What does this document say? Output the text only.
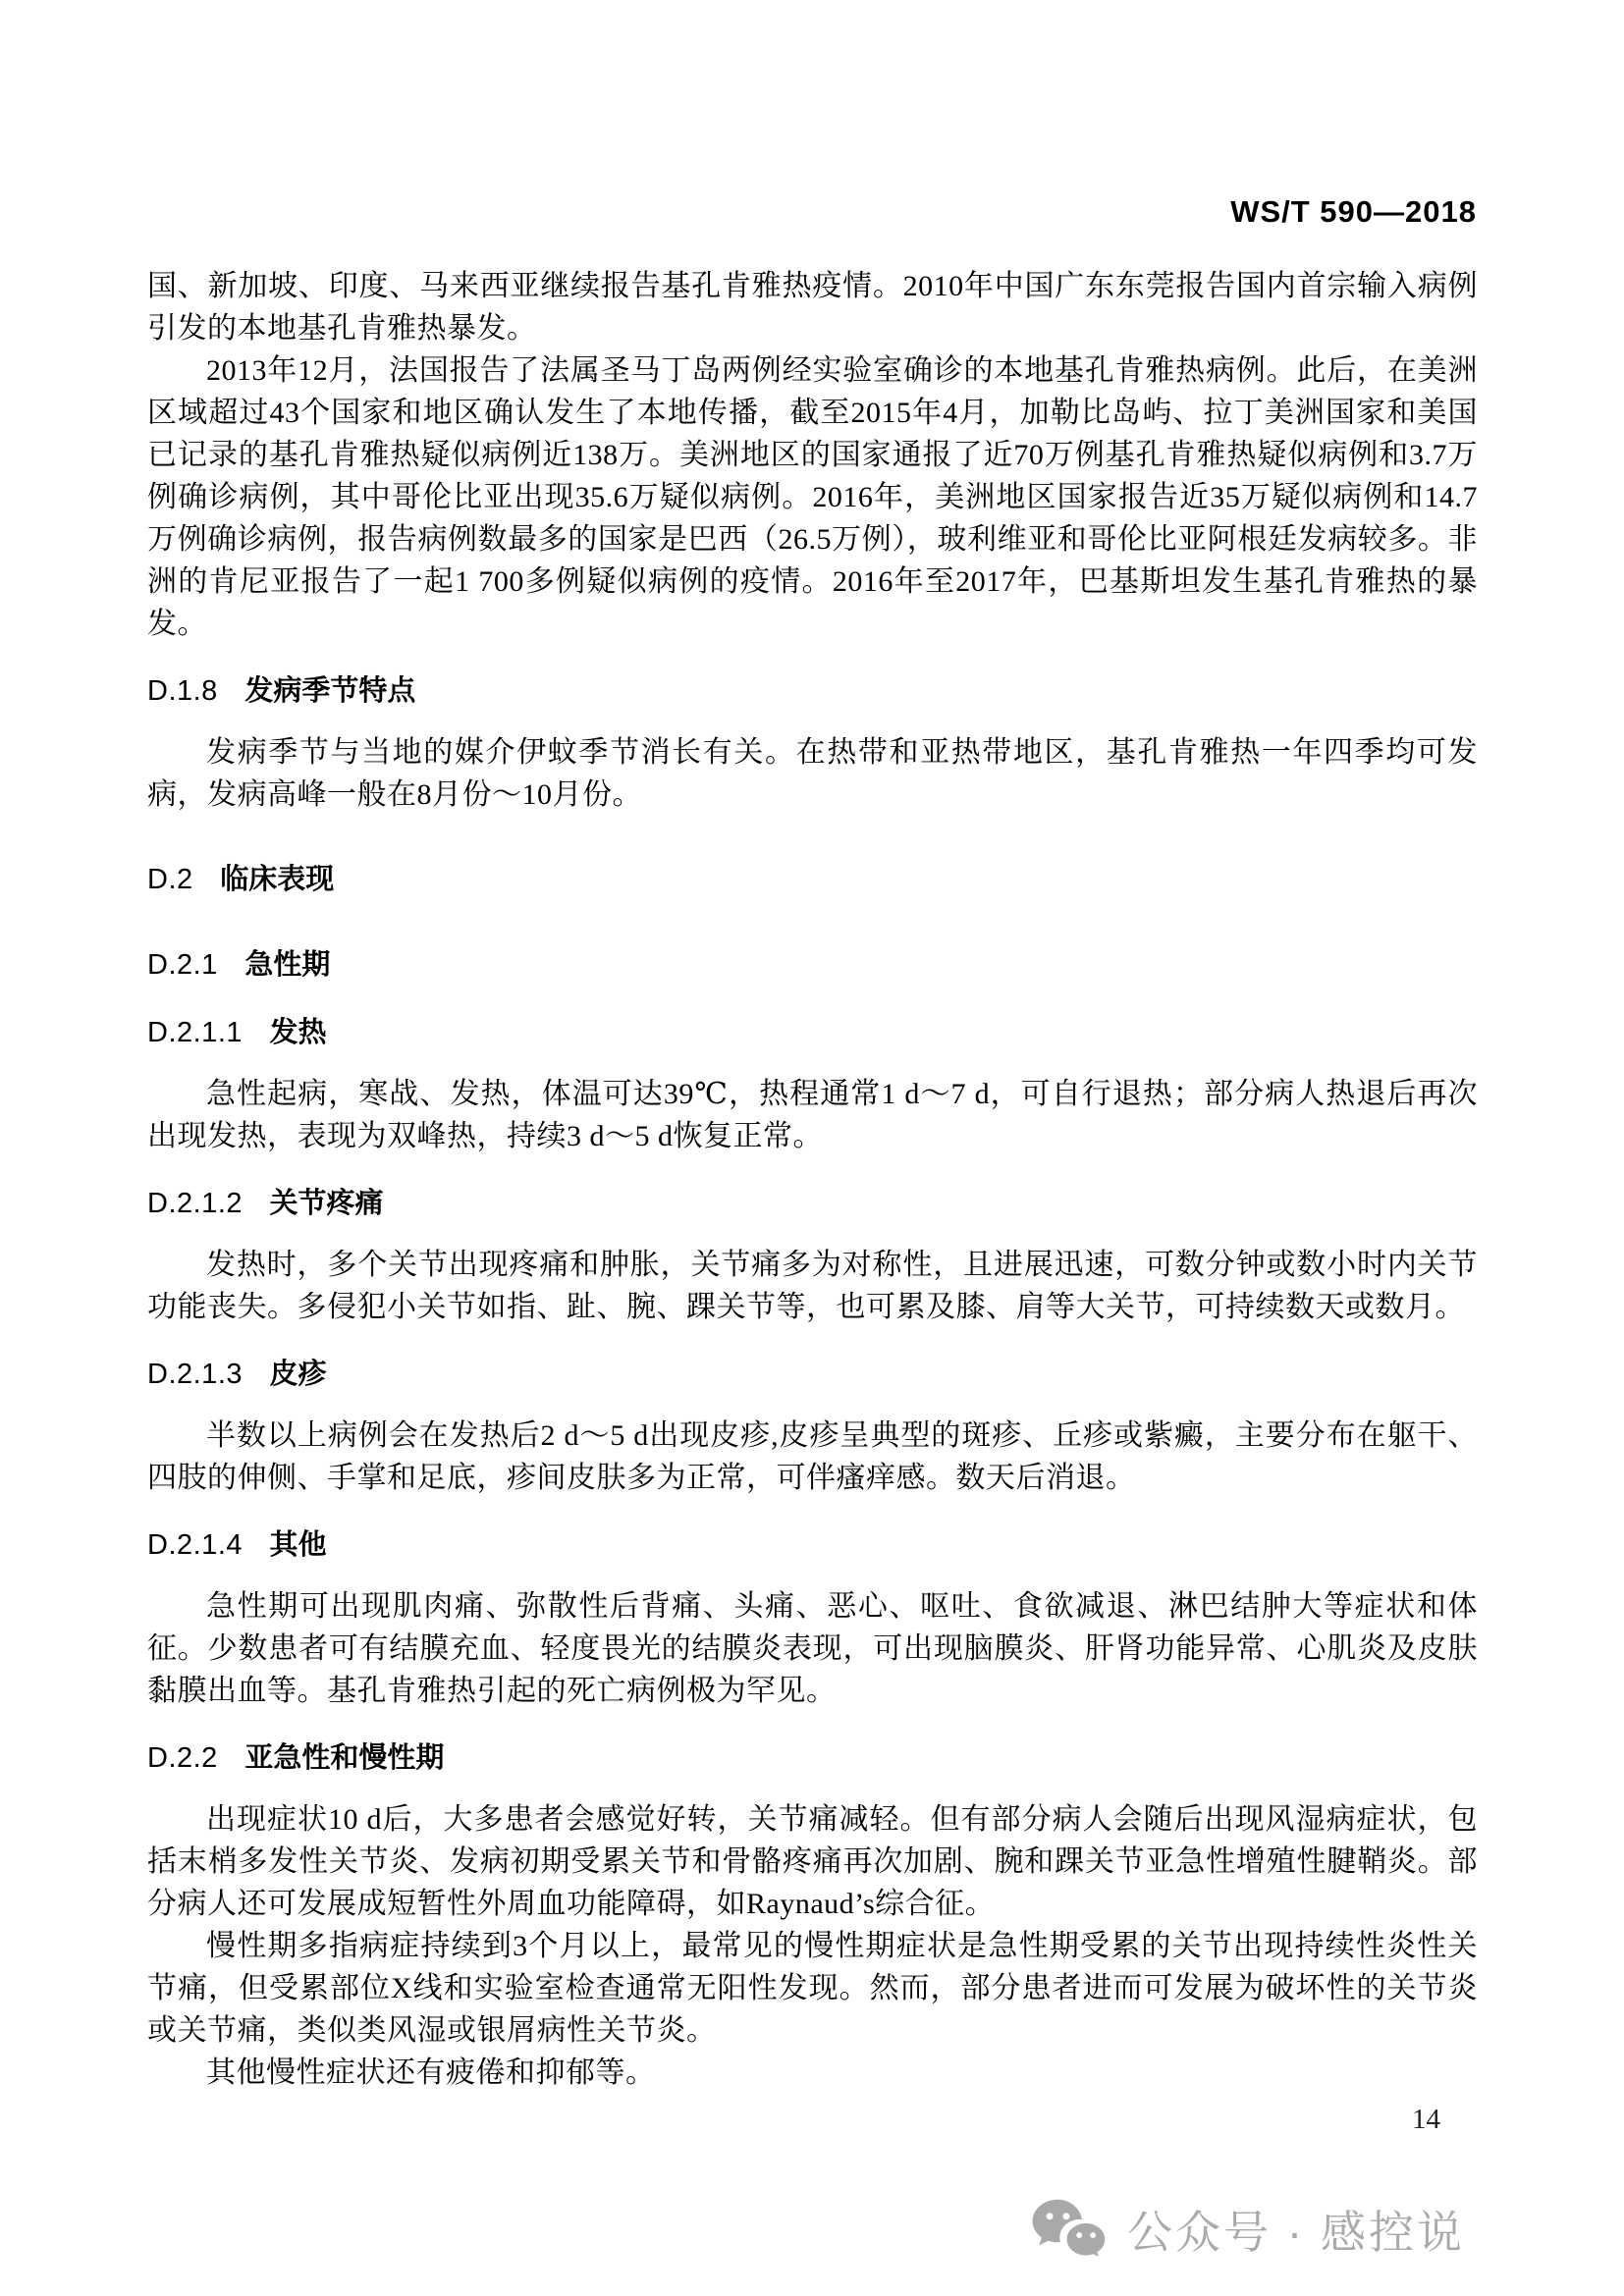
WS/T 590—2018

国、新加坡、印度、马来西亚继续报告基孔肯雅热疫情。2010年中国广东东莞报告国内首宗输入病例引发的本地基孔肯雅热暴发。

2013年12月，法国报告了法属圣马丁岛两例经实验室确诊的本地基孔肯雅热病例。此后，在美洲区域超过43个国家和地区确认发生了本地传播，截至2015年4月，加勒比岛屿、拉丁美洲国家和美国已记录的基孔肯雅热疑似病例近138万。美洲地区的国家通报了近70万例基孔肯雅热疑似病例和3.7万例确诊病例，其中哥伦比亚出现35.6万疑似病例。2016年，美洲地区国家报告近35万疑似病例和14.7万例确诊病例，报告病例数最多的国家是巴西（26.5万例），玻利维亚和哥伦比亚阿根廷发病较多。非洲的肯尼亚报告了一起1 700多例疑似病例的疫情。2016年至2017年，巴基斯坦发生基孔肯雅热的暴发。

D.1.8 发病季节特点

发病季节与当地的媒介伊蚊季节消长有关。在热带和亚热带地区，基孔肯雅热一年四季均可发病，发病高峰一般在8月份～10月份。

D.2 临床表现
D.2.1 急性期
D.2.1.1 发热

急性起病，寒战、发热，体温可达39℃，热程通常1 d～7 d，可自行退热；部分病人热退后再次出现发热，表现为双峰热，持续3 d～5 d恢复正常。

D.2.1.2 关节疼痛

发热时，多个关节出现疼痛和肿胀，关节痛多为对称性，且进展迅速，可数分钟或数小时内关节功能丧失。多侵犯小关节如指、趾、腕、踝关节等，也可累及膝、肩等大关节，可持续数天或数月。

D.2.1.3 皮疹

半数以上病例会在发热后2 d～5 d出现皮疹,皮疹呈典型的斑疹、丘疹或紫癜，主要分布在躯干、四肢的伸侧、手掌和足底，疹间皮肤多为正常，可伴瘙痒感。数天后消退。

D.2.1.4 其他

急性期可出现肌肉痛、弥散性后背痛、头痛、恶心、呕吐、食欲减退、淋巴结肿大等症状和体征。少数患者可有结膜充血、轻度畏光的结膜炎表现，可出现脑膜炎、肝肾功能异常、心肌炎及皮肤黏膜出血等。基孔肯雅热引起的死亡病例极为罕见。

D.2.2 亚急性和慢性期

出现症状10 d后，大多患者会感觉好转，关节痛减轻。但有部分病人会随后出现风湿病症状，包括末梢多发性关节炎、发病初期受累关节和骨骼疼痛再次加剧、腕和踝关节亚急性增殖性腱鞘炎。部分病人还可发展成短暂性外周血功能障碍，如Raynaud’s综合征。

慢性期多指病症持续到3个月以上，最常见的慢性期症状是急性期受累的关节出现持续性炎性关节痛，但受累部位X线和实验室检查通常无阳性发现。然而，部分患者进而可发展为破坏性的关节炎或关节痛，类似类风湿或银屑病性关节炎。

其他慢性症状还有疲倦和抑郁等。

14
公众号 · 感控说
